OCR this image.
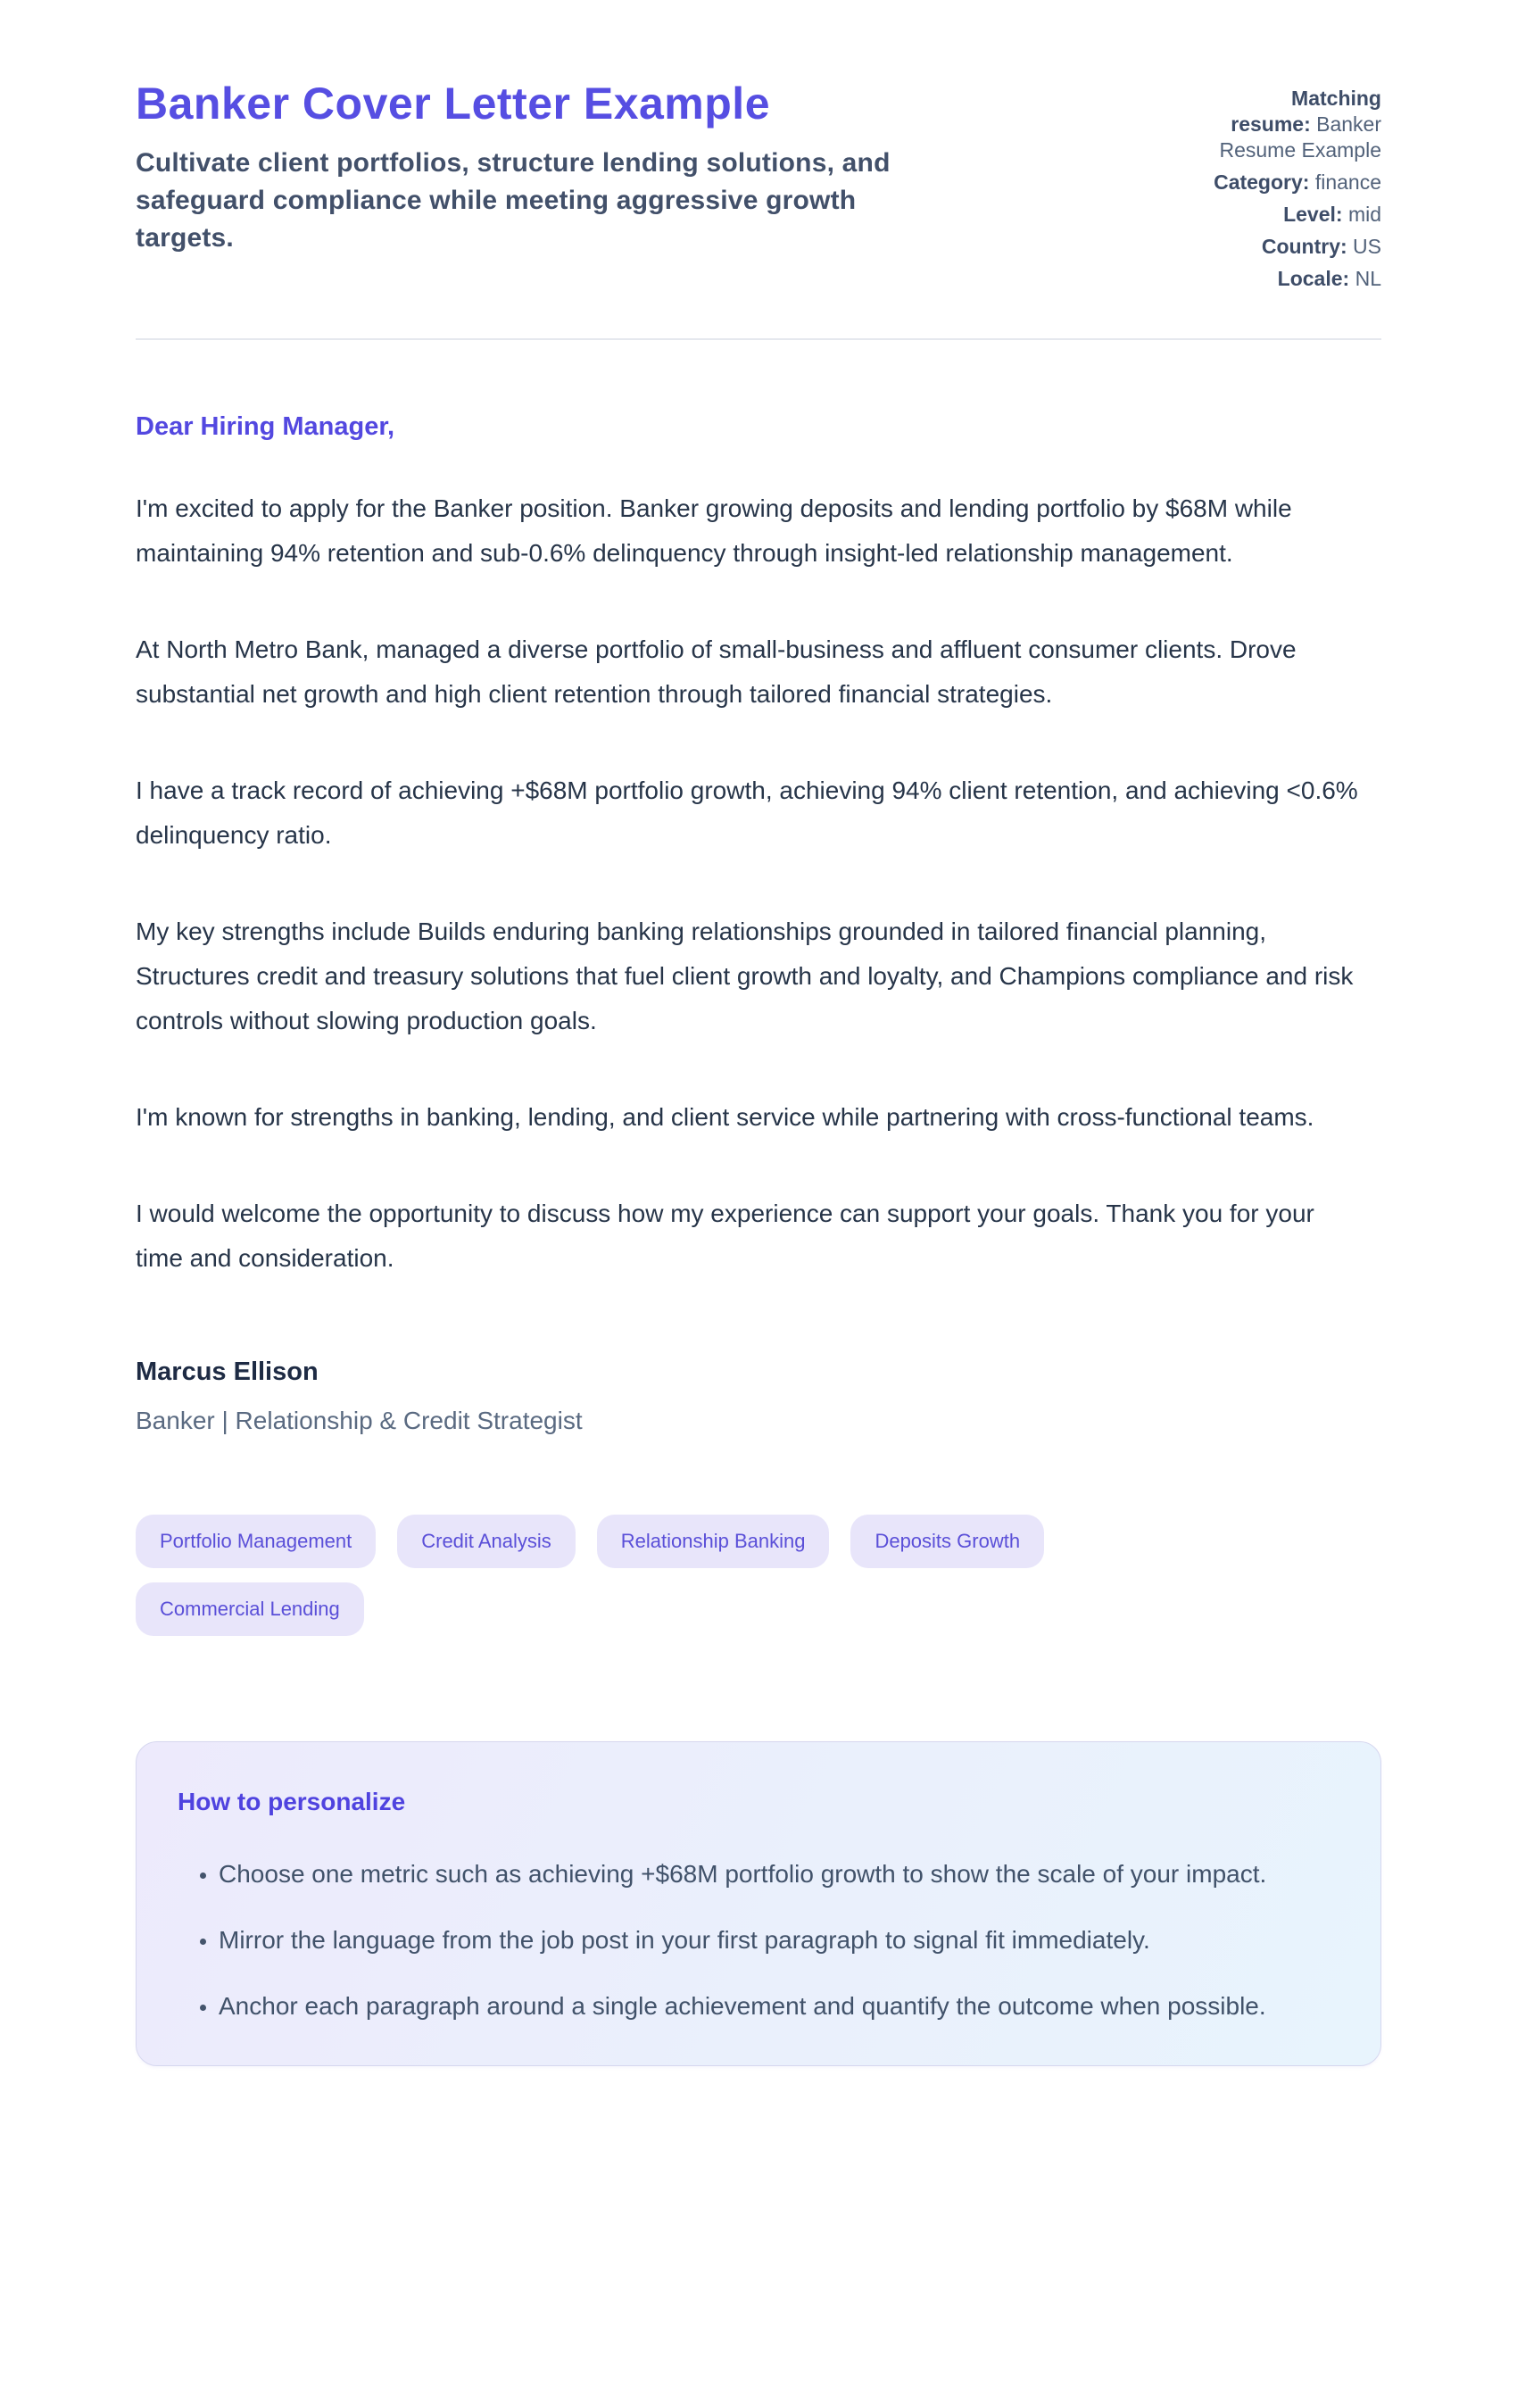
Banker Cover Letter Example

Cultivate client portfolios, structure lending solutions, and safeguard compliance while meeting aggressive growth targets.

Matching resume: Banker Resume Example
Category: finance
Level: mid
Country: US
Locale: NL

Dear Hiring Manager,

I'm excited to apply for the Banker position. Banker growing deposits and lending portfolio by $68M while maintaining 94% retention and sub-0.6% delinquency through insight-led relationship management.

At North Metro Bank, managed a diverse portfolio of small-business and affluent consumer clients. Drove substantial net growth and high client retention through tailored financial strategies.

I have a track record of achieving +$68M portfolio growth, achieving 94% client retention, and achieving <0.6% delinquency ratio.

My key strengths include Builds enduring banking relationships grounded in tailored financial planning, Structures credit and treasury solutions that fuel client growth and loyalty, and Champions compliance and risk controls without slowing production goals.

I'm known for strengths in banking, lending, and client service while partnering with cross-functional teams.

I would welcome the opportunity to discuss how my experience can support your goals. Thank you for your time and consideration.

Marcus Ellison

Banker | Relationship & Credit Strategist

Portfolio Management	Credit Analysis	Relationship Banking	Deposits Growth
Commercial Lending
How to personalize
• Choose one metric such as achieving +$68M portfolio growth to show the scale of your impact.
• Mirror the language from the job post in your first paragraph to signal fit immediately.
• Anchor each paragraph around a single achievement and quantify the outcome when possible.
